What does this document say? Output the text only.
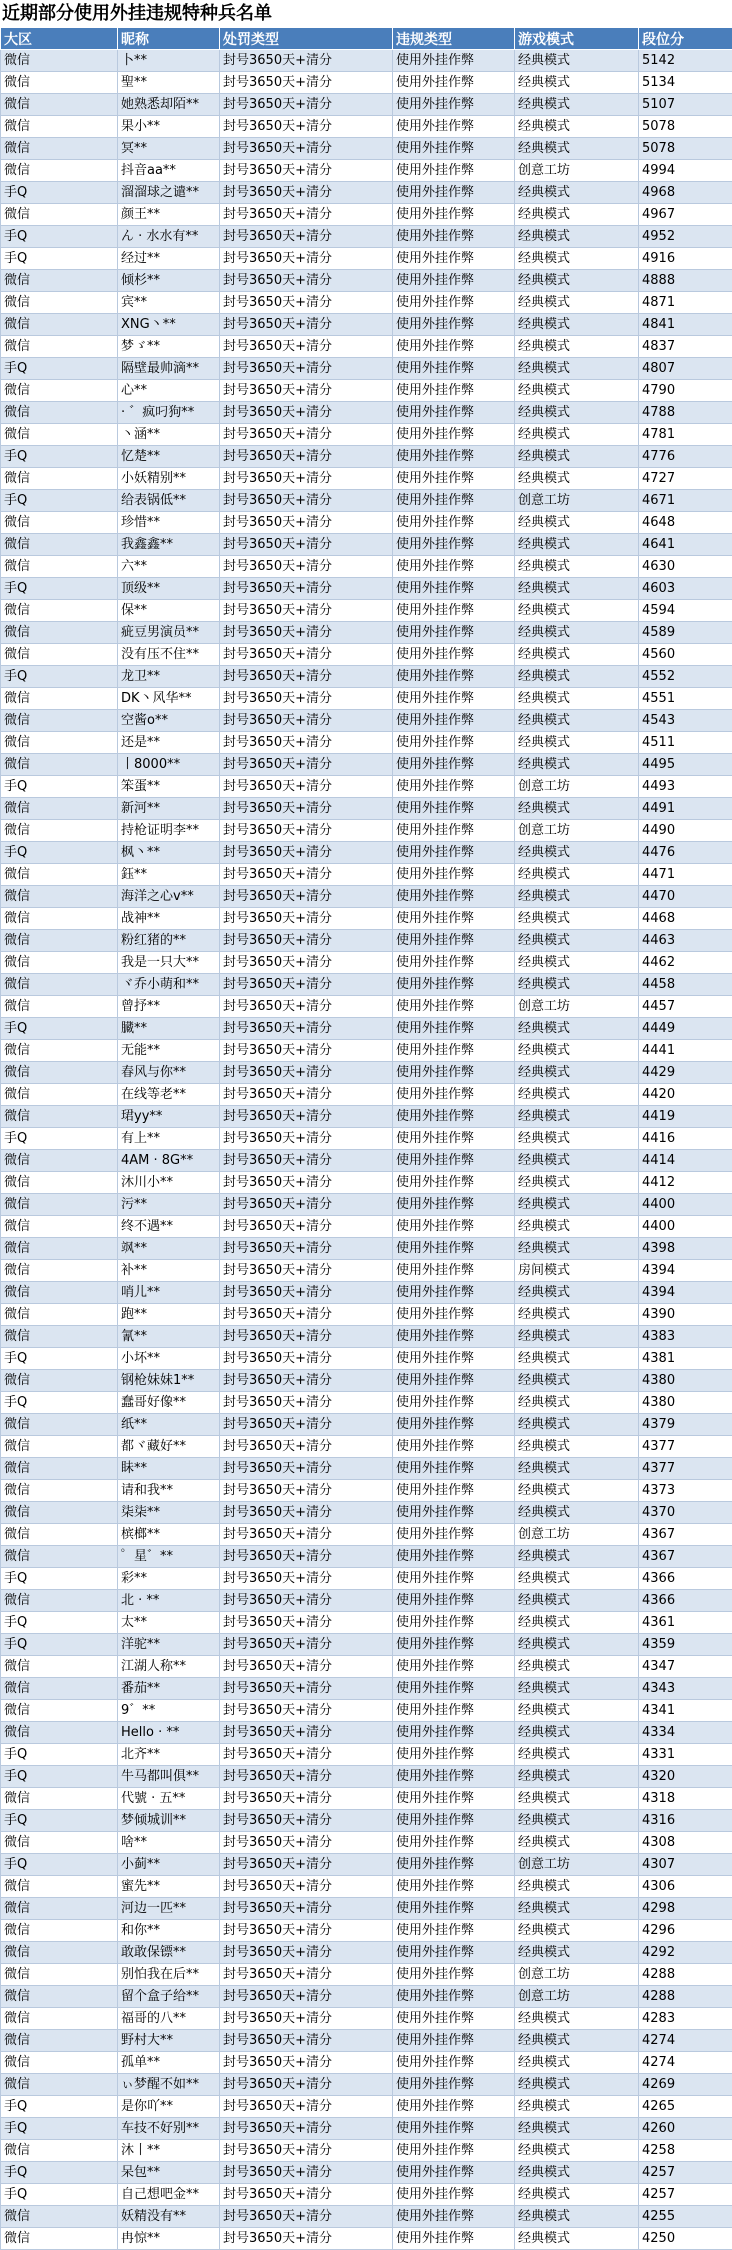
近期部分使用外挂违规特种兵名单
大区	昵称	处罚类型	违规类型	游戏模式	段位分
微信	卜**	封号3650天+清分	使用外挂作弊	经典模式	5142
微信	聖**	封号3650天+清分	使用外挂作弊	经典模式	5134
微信	她熟悉却陌**	封号3650天+清分	使用外挂作弊	经典模式	5107
微信	果小**	封号3650天+清分	使用外挂作弊	经典模式	5078
微信	冥**	封号3650天+清分	使用外挂作弊	经典模式	5078
微信	抖音aa**	封号3650天+清分	使用外挂作弊	创意工坊	4994
手Q	溜溜球之谴**	封号3650天+清分	使用外挂作弊	经典模式	4968
微信	颜王**	封号3650天+清分	使用外挂作弊	经典模式	4967
手Q	ん · 水水有**	封号3650天+清分	使用外挂作弊	经典模式	4952
手Q	经过**	封号3650天+清分	使用外挂作弊	经典模式	4916
微信	倾杉**	封号3650天+清分	使用外挂作弊	经典模式	4888
微信	宾**	封号3650天+清分	使用外挂作弊	经典模式	4871
微信	XNG丶**	封号3650天+清分	使用外挂作弊	经典模式	4841
微信	梦ゞ**	封号3650天+清分	使用外挂作弊	经典模式	4837
手Q	隔壁最帅滴**	封号3650天+清分	使用外挂作弊	经典模式	4807
微信	心**	封号3650天+清分	使用外挂作弊	经典模式	4790
微信	· ゛疯叼狗**	封号3650天+清分	使用外挂作弊	经典模式	4788
微信	丶涵**	封号3650天+清分	使用外挂作弊	经典模式	4781
手Q	忆楚**	封号3650天+清分	使用外挂作弊	经典模式	4776
微信	小妖精别**	封号3650天+清分	使用外挂作弊	经典模式	4727
手Q	给表锅低**	封号3650天+清分	使用外挂作弊	创意工坊	4671
微信	珍惜**	封号3650天+清分	使用外挂作弊	经典模式	4648
微信	我鑫鑫**	封号3650天+清分	使用外挂作弊	经典模式	4641
微信	六**	封号3650天+清分	使用外挂作弊	经典模式	4630
手Q	顶级**	封号3650天+清分	使用外挂作弊	经典模式	4603
微信	保**	封号3650天+清分	使用外挂作弊	经典模式	4594
微信	疵豆男演员**	封号3650天+清分	使用外挂作弊	经典模式	4589
微信	没有压不住**	封号3650天+清分	使用外挂作弊	经典模式	4560
手Q	龙卫**	封号3650天+清分	使用外挂作弊	经典模式	4552
微信	DK丶风华**	封号3650天+清分	使用外挂作弊	经典模式	4551
微信	空酱o**	封号3650天+清分	使用外挂作弊	经典模式	4543
微信	还是**	封号3650天+清分	使用外挂作弊	经典模式	4511
微信	丨8000**	封号3650天+清分	使用外挂作弊	经典模式	4495
手Q	笨蛋**	封号3650天+清分	使用外挂作弊	创意工坊	4493
微信	新河**	封号3650天+清分	使用外挂作弊	经典模式	4491
微信	持枪证明李**	封号3650天+清分	使用外挂作弊	创意工坊	4490
手Q	枫丶**	封号3650天+清分	使用外挂作弊	经典模式	4476
微信	鈺**	封号3650天+清分	使用外挂作弊	经典模式	4471
微信	海洋之心v**	封号3650天+清分	使用外挂作弊	经典模式	4470
微信	战神**	封号3650天+清分	使用外挂作弊	经典模式	4468
微信	粉红猪的**	封号3650天+清分	使用外挂作弊	经典模式	4463
微信	我是一只大**	封号3650天+清分	使用外挂作弊	经典模式	4462
微信	ヾ乔小萌和**	封号3650天+清分	使用外挂作弊	经典模式	4458
微信	曾抒**	封号3650天+清分	使用外挂作弊	创意工坊	4457
手Q	臓**	封号3650天+清分	使用外挂作弊	经典模式	4449
微信	无能**	封号3650天+清分	使用外挂作弊	经典模式	4441
微信	春风与你**	封号3650天+清分	使用外挂作弊	经典模式	4429
微信	在线等老**	封号3650天+清分	使用外挂作弊	经典模式	4420
微信	珺yy**	封号3650天+清分	使用外挂作弊	经典模式	4419
手Q	有上**	封号3650天+清分	使用外挂作弊	经典模式	4416
微信	4AM · 8G**	封号3650天+清分	使用外挂作弊	经典模式	4414
微信	沐川小**	封号3650天+清分	使用外挂作弊	经典模式	4412
微信	污**	封号3650天+清分	使用外挂作弊	经典模式	4400
微信	终不遇**	封号3650天+清分	使用外挂作弊	经典模式	4400
微信	飒**	封号3650天+清分	使用外挂作弊	经典模式	4398
微信	补**	封号3650天+清分	使用外挂作弊	房间模式	4394
微信	哨儿**	封号3650天+清分	使用外挂作弊	经典模式	4394
微信	跑**	封号3650天+清分	使用外挂作弊	经典模式	4390
微信	氰**	封号3650天+清分	使用外挂作弊	经典模式	4383
手Q	小坏**	封号3650天+清分	使用外挂作弊	经典模式	4381
微信	钢枪妹妹1**	封号3650天+清分	使用外挂作弊	经典模式	4380
手Q	蠢哥好像**	封号3650天+清分	使用外挂作弊	经典模式	4380
微信	纸**	封号3650天+清分	使用外挂作弊	经典模式	4379
微信	都ヾ藏好**	封号3650天+清分	使用外挂作弊	经典模式	4377
微信	眛**	封号3650天+清分	使用外挂作弊	经典模式	4377
微信	请和我**	封号3650天+清分	使用外挂作弊	经典模式	4373
微信	柒柒**	封号3650天+清分	使用外挂作弊	经典模式	4370
微信	槟榔**	封号3650天+清分	使用外挂作弊	创意工坊	4367
微信	゜星゛**	封号3650天+清分	使用外挂作弊	经典模式	4367
手Q	彩**	封号3650天+清分	使用外挂作弊	经典模式	4366
微信	北 · **	封号3650天+清分	使用外挂作弊	经典模式	4366
手Q	太**	封号3650天+清分	使用外挂作弊	经典模式	4361
手Q	洋驼**	封号3650天+清分	使用外挂作弊	经典模式	4359
微信	江湖人称**	封号3650天+清分	使用外挂作弊	经典模式	4347
微信	番茄**	封号3650天+清分	使用外挂作弊	经典模式	4343
微信	9゛**	封号3650天+清分	使用外挂作弊	经典模式	4341
微信	Hello · **	封号3650天+清分	使用外挂作弊	经典模式	4334
手Q	北齐**	封号3650天+清分	使用外挂作弊	经典模式	4331
手Q	牛马都叫俱**	封号3650天+清分	使用外挂作弊	经典模式	4320
微信	代號 · 五**	封号3650天+清分	使用外挂作弊	经典模式	4318
手Q	梦倾城训**	封号3650天+清分	使用外挂作弊	经典模式	4316
微信	啥**	封号3650天+清分	使用外挂作弊	经典模式	4308
手Q	小蓟**	封号3650天+清分	使用外挂作弊	创意工坊	4307
微信	蜜先**	封号3650天+清分	使用外挂作弊	经典模式	4306
微信	河边一匹**	封号3650天+清分	使用外挂作弊	经典模式	4298
微信	和你**	封号3650天+清分	使用外挂作弊	经典模式	4296
微信	敢敢保镖**	封号3650天+清分	使用外挂作弊	经典模式	4292
微信	别怕我在后**	封号3650天+清分	使用外挂作弊	创意工坊	4288
微信	留个盒子给**	封号3650天+清分	使用外挂作弊	创意工坊	4288
微信	福哥的八**	封号3650天+清分	使用外挂作弊	经典模式	4283
微信	野村大**	封号3650天+清分	使用外挂作弊	经典模式	4274
微信	孤单**	封号3650天+清分	使用外挂作弊	经典模式	4274
微信	ぃ梦醒不如**	封号3650天+清分	使用外挂作弊	经典模式	4269
手Q	是你吖**	封号3650天+清分	使用外挂作弊	经典模式	4265
手Q	车技不好别**	封号3650天+清分	使用外挂作弊	经典模式	4260
微信	沐丨**	封号3650天+清分	使用外挂作弊	经典模式	4258
手Q	呆包**	封号3650天+清分	使用外挂作弊	经典模式	4257
手Q	自己想吧金**	封号3650天+清分	使用外挂作弊	经典模式	4257
微信	妖精没有**	封号3650天+清分	使用外挂作弊	经典模式	4255
微信	冉惊**	封号3650天+清分	使用外挂作弊	经典模式	4250
